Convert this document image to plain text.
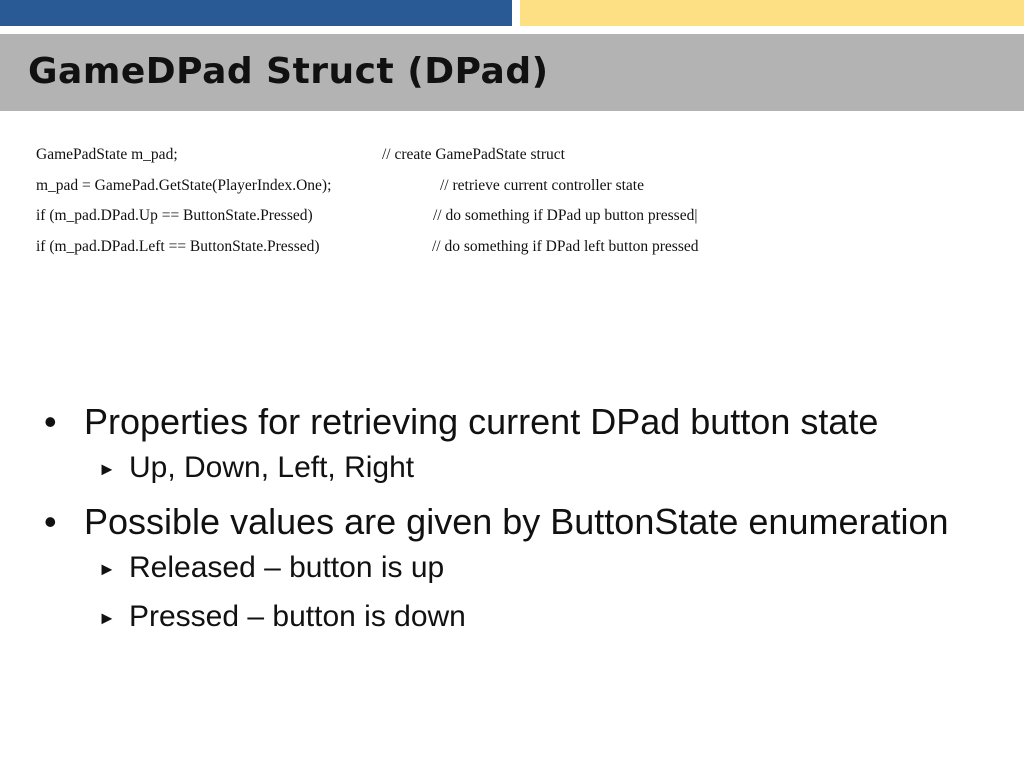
GameDPad Struct (DPad)
GamePadState m_pad;	// create GamePadState struct
m_pad = GamePad.GetState(PlayerIndex.One);	// retrieve current controller state
if (m_pad.DPad.Up == ButtonState.Pressed)	// do something if DPad up button pressed|
if (m_pad.DPad.Left == ButtonState.Pressed)	// do something if DPad left button pressed
• Properties for retrieving current DPad button state
► Up, Down, Left, Right
• Possible values are given by ButtonState enumeration
► Released – button is up
► Pressed – button is down
